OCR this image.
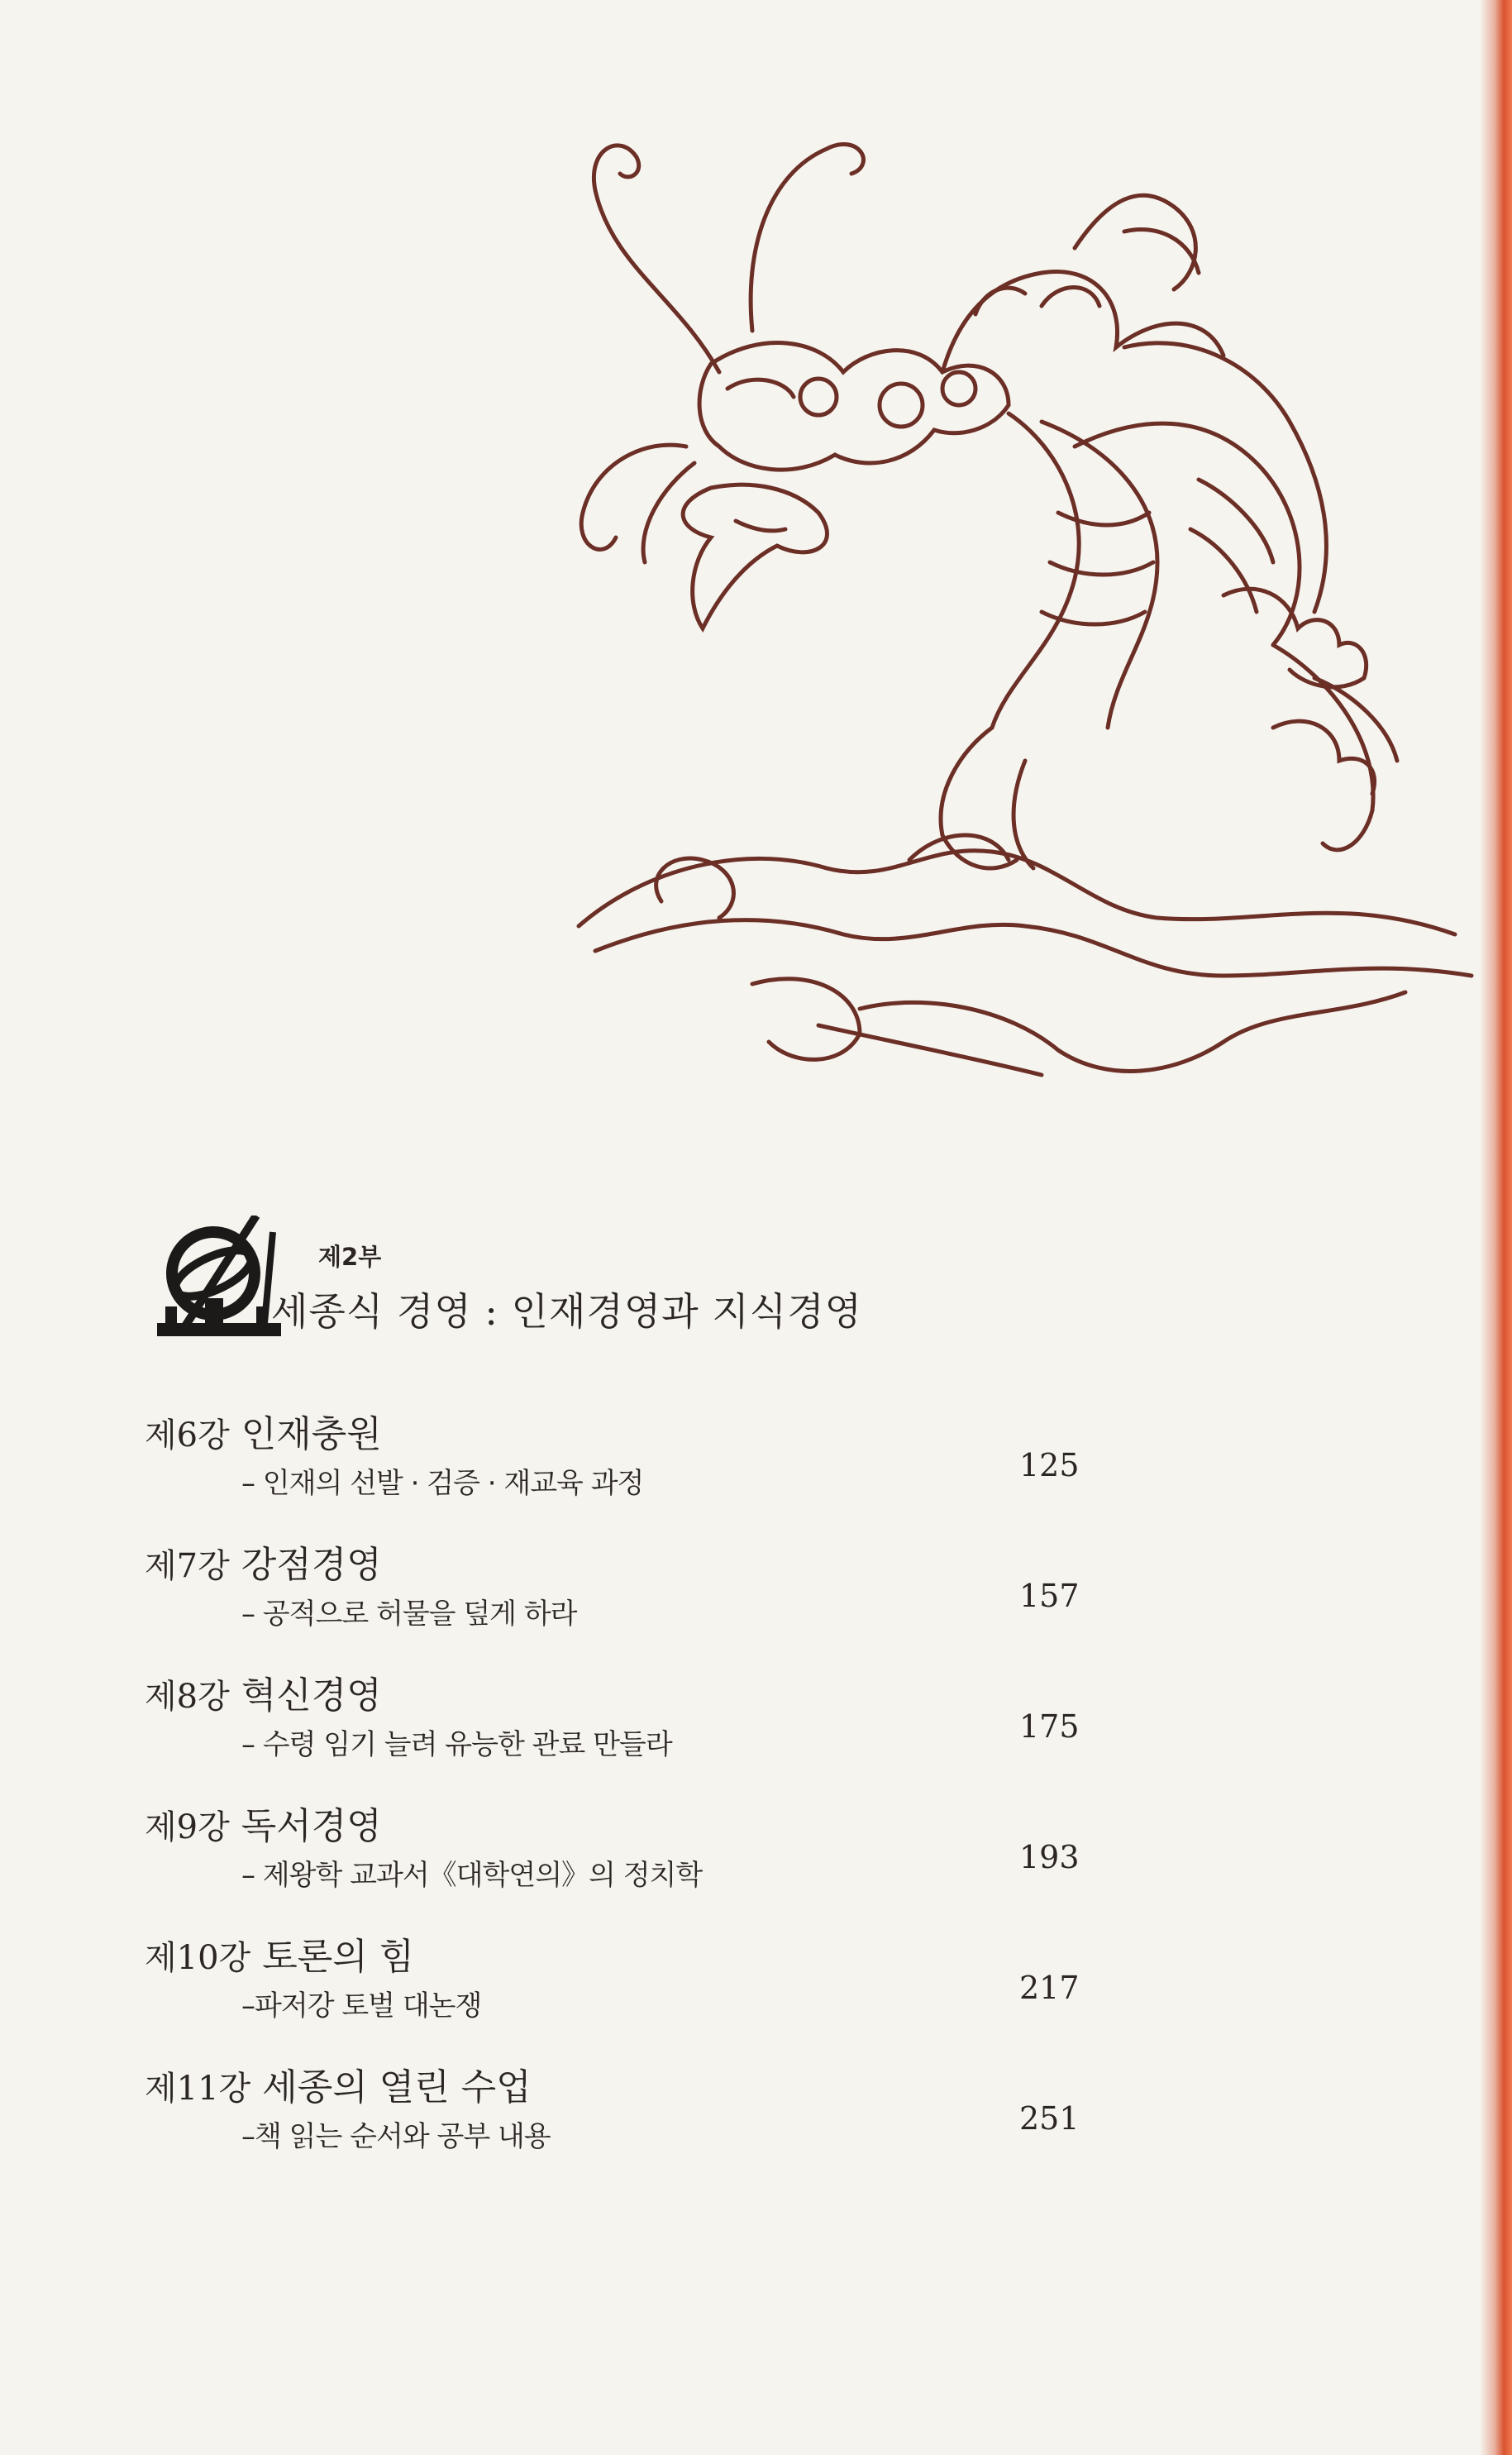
제2부
세종식 경영 : 인재경영과 지식경영
제6강 인재충원
– 인재의 선발 · 검증 · 재교육 과정	125
제7강 강점경영
– 공적으로 허물을 덮게 하라	157
제8강 혁신경영
– 수령 임기 늘려 유능한 관료 만들라	175
제9강 독서경영
– 제왕학 교과서《대학연의》의 정치학	193
제10강 토론의 힘
–파저강 토벌 대논쟁	217
제11강 세종의 열린 수업
–책 읽는 순서와 공부 내용	251
